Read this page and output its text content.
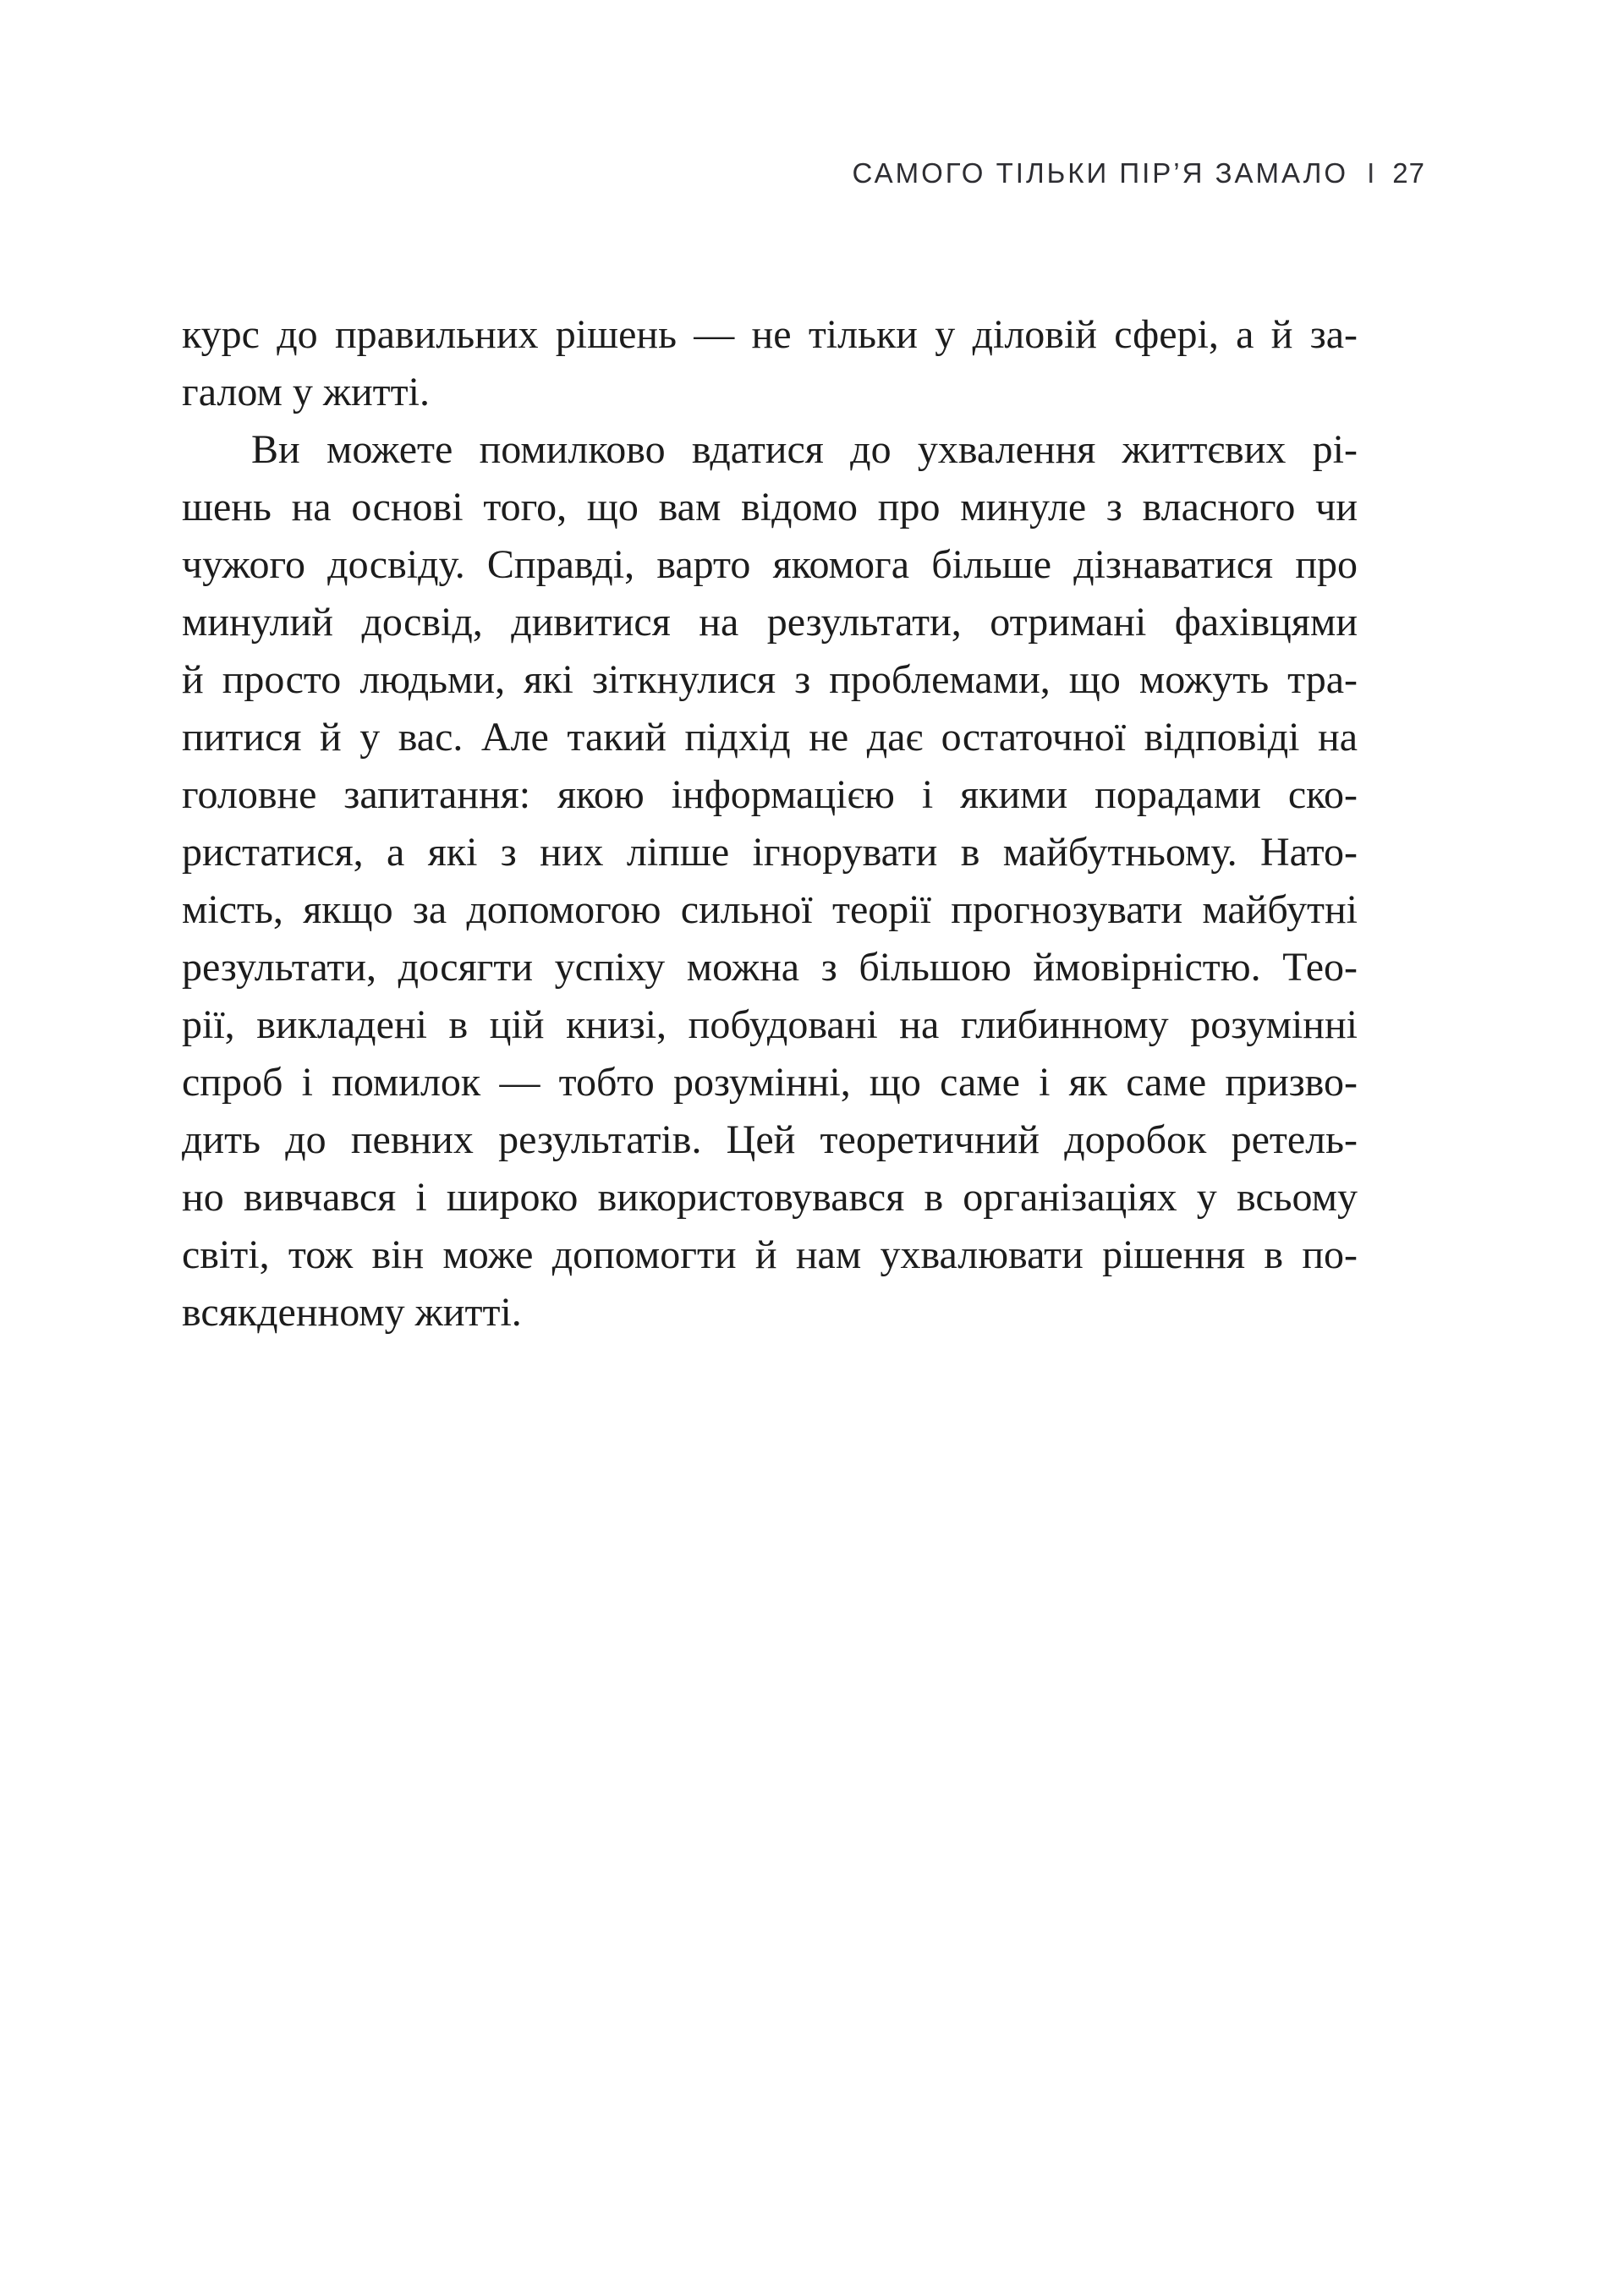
САМОГО ТІЛЬКИ ПІР’Я ЗАМАЛО І 27
курс до правильних рішень — не тільки у діловій сфері, а й за-
галом у житті.
Ви можете помилково вдатися до ухвалення життєвих рі-
шень на основі того, що вам відомо про минуле з власного чи
чужого досвіду. Справді, варто якомога більше дізнаватися про
минулий досвід, дивитися на результати, отримані фахівцями
й просто людьми, які зіткнулися з проблемами, що можуть тра-
питися й у вас. Але такий підхід не дає остаточної відповіді на
головне запитання: якою інформацією і якими порадами ско-
ристатися, а які з них ліпше ігнорувати в майбутньому. Нато-
мість, якщо за допомогою сильної теорії прогнозувати майбутні
результати, досягти успіху можна з більшою ймовірністю. Тео-
рії, викладені в цій книзі, побудовані на глибинному розумінні
спроб і помилок — тобто розумінні, що саме і як саме призво-
дить до певних результатів. Цей теоретичний доробок ретель-
но вивчався і широко використовувався в організаціях у всьому
світі, тож він може допомогти й нам ухвалювати рішення в по-
всякденному житті.
